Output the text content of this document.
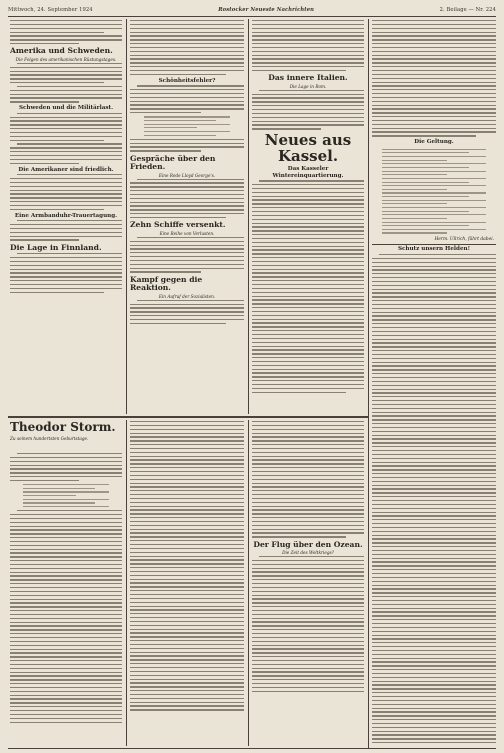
Mittwoch, 24. September 1924	Rostocker Neueste Nachrichten	2. Beilage — Nr. 224
Amerika und Schweden.
Die Folgen des amerikanischen Rüstungstages.
Schweden und die Militärlast.
Die Amerikaner sind friedlich.
Eine Armbanduhr-Trauertagung.
Die Lage in Finnland.
Schönheitsfehler?
Gespräche über den Frieden.
Eine Rede Lloyd George's.
Zehn Schiffe versenkt.
Eine Reihe von Verlusten.
Kampf gegen die Reaktion.
Ein Aufruf der Sozialisten.
Das innere Italien.
Die Lage in Rom.
Neues aus Kassel.
Das Kasseler Wintereinquartierung.
Die Geltung.
Herm. Ullrich, fährt dabei.
Schutz unsern Helden!
Theodor Storm.
Zu seinem hundertsten Geburtstage.
Der Flug über den Ozean.
Die Zeit des Weltkriegs?
